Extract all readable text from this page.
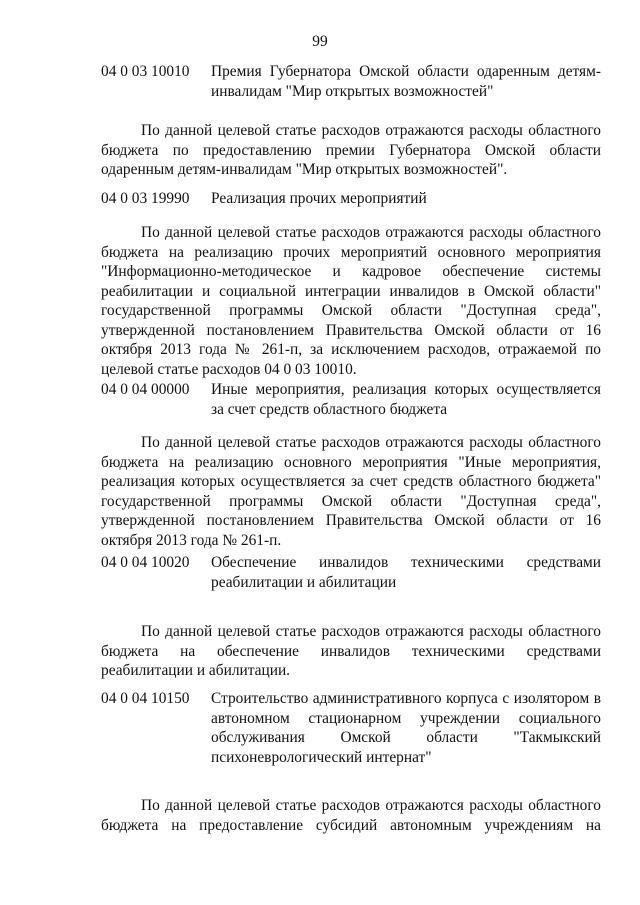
99
04 0 03 10010 Премия Губернатора Омской области одаренным детям-инвалидам "Мир открытых возможностей"
По данной целевой статье расходов отражаются расходы областного бюджета по предоставлению премии Губернатора Омской области одаренным детям-инвалидам "Мир открытых возможностей".
04 0 03 19990 Реализация прочих мероприятий
По данной целевой статье расходов отражаются расходы областного бюджета на реализацию прочих мероприятий основного мероприятия "Информационно-методическое и кадровое обеспечение системы реабилитации и социальной интеграции инвалидов в Омской области" государственной программы Омской области "Доступная среда", утвержденной постановлением Правительства Омской области от 16 октября 2013 года № 261-п, за исключением расходов, отражаемой по целевой статье расходов 04 0 03 10010.
04 0 04 00000 Иные мероприятия, реализация которых осуществляется за счет средств областного бюджета
По данной целевой статье расходов отражаются расходы областного бюджета на реализацию основного мероприятия "Иные мероприятия, реализация которых осуществляется за счет средств областного бюджета" государственной программы Омской области "Доступная среда", утвержденной постановлением Правительства Омской области от 16 октября 2013 года № 261-п.
04 0 04 10020 Обеспечение инвалидов техническими средствами реабилитации и абилитации
По данной целевой статье расходов отражаются расходы областного бюджета на обеспечение инвалидов техническими средствами реабилитации и абилитации.
04 0 04 10150 Строительство административного корпуса с изолятором в автономном стационарном учреждении социального обслуживания Омской области "Такмыкский психоневрологический интернат"
По данной целевой статье расходов отражаются расходы областного бюджета на предоставление субсидий автономным учреждениям на
